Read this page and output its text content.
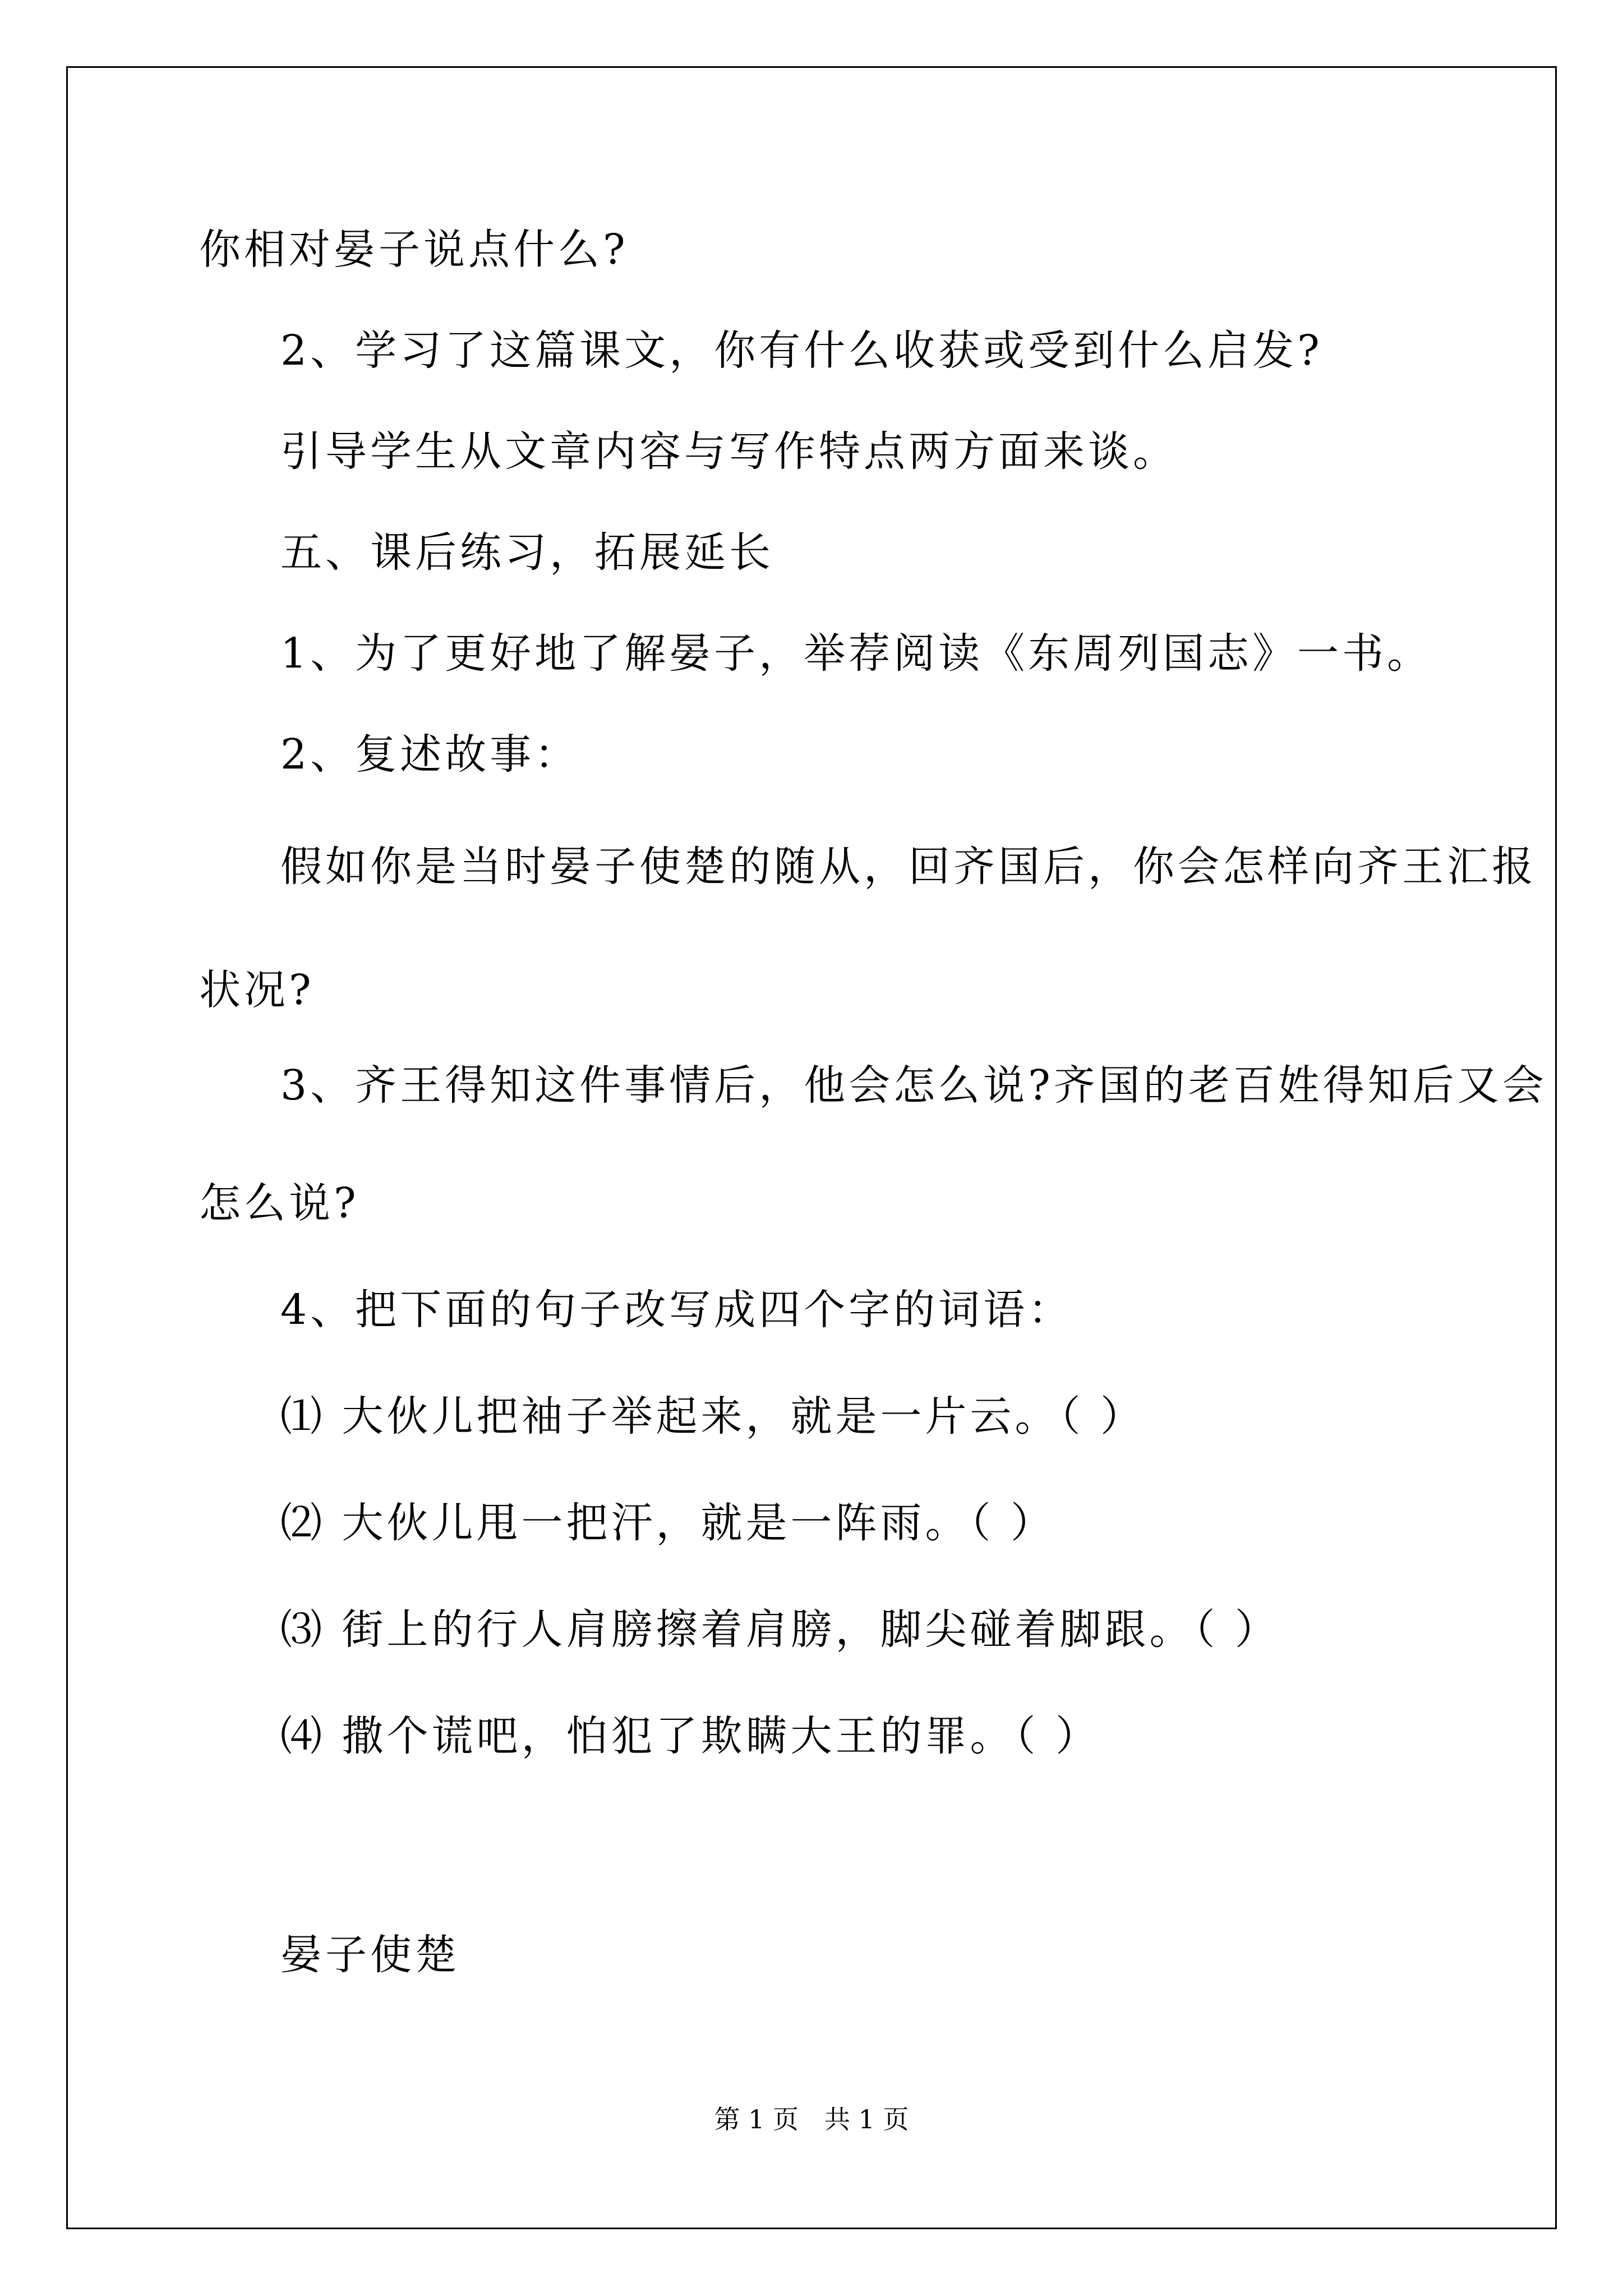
你相对晏子说点什么?
2、学习了这篇课文，你有什么收获或受到什么启发?
引导学生从文章内容与写作特点两方面来谈。
五、课后练习，拓展延长
1、为了更好地了解晏子，举荐阅读《东周列国志》一书。
2、复述故事：
假如你是当时晏子使楚的随从，回齐国后，你会怎样向齐王汇报
状况?
3、齐王得知这件事情后，他会怎么说?齐国的老百姓得知后又会
怎么说?
4、把下面的句子改写成四个字的词语：
⑴ 大伙儿把袖子举起来，就是一片云。（ ）
⑵ 大伙儿甩一把汗，就是一阵雨。（ ）
⑶ 街上的行人肩膀擦着肩膀，脚尖碰着脚跟。（ ）
⑷ 撒个谎吧，怕犯了欺瞒大王的罪。（ ）
晏子使楚
第 1 页　共 1 页
